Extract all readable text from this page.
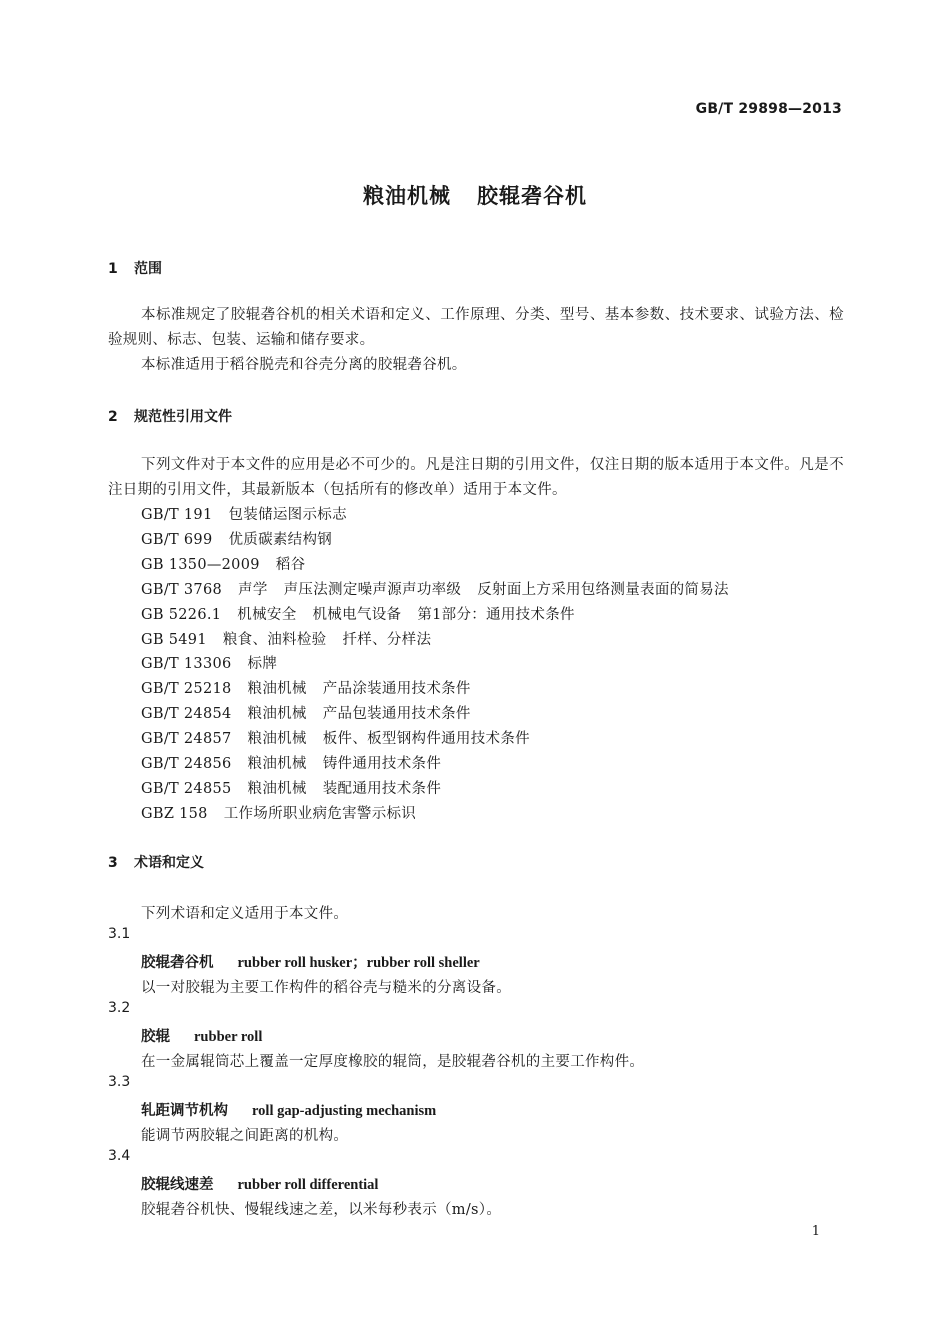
GB/T 29898—2013
粮油机械 胶辊砻谷机
1 范围
本标准规定了胶辊砻谷机的相关术语和定义、工作原理、分类、型号、基本参数、技术要求、试验方法、检验规则、标志、包装、运输和储存要求。
本标准适用于稻谷脱壳和谷壳分离的胶辊砻谷机。
2 规范性引用文件
下列文件对于本文件的应用是必不可少的。凡是注日期的引用文件，仅注日期的版本适用于本文件。凡是不注日期的引用文件，其最新版本（包括所有的修改单）适用于本文件。
GB/T 191 包装储运图示标志
GB/T 699 优质碳素结构钢
GB 1350—2009 稻谷
GB/T 3768 声学 声压法测定噪声源声功率级 反射面上方采用包络测量表面的简易法
GB 5226.1 机械安全 机械电气设备 第1部分：通用技术条件
GB 5491 粮食、油料检验 扦样、分样法
GB/T 13306 标牌
GB/T 25218 粮油机械 产品涂装通用技术条件
GB/T 24854 粮油机械 产品包装通用技术条件
GB/T 24857 粮油机械 板件、板型钢构件通用技术条件
GB/T 24856 粮油机械 铸件通用技术条件
GB/T 24855 粮油机械 装配通用技术条件
GBZ 158 工作场所职业病危害警示标识
3 术语和定义
下列术语和定义适用于本文件。
3.1
胶辊砻谷机 rubber roll husker；rubber roll sheller
以一对胶辊为主要工作构件的稻谷壳与糙米的分离设备。
3.2
胶辊 rubber roll
在一金属辊筒芯上覆盖一定厚度橡胶的辊筒，是胶辊砻谷机的主要工作构件。
3.3
轧距调节机构 roll gap-adjusting mechanism
能调节两胶辊之间距离的机构。
3.4
胶辊线速差 rubber roll differential
胶辊砻谷机快、慢辊线速之差，以米每秒表示（m/s）。
1
